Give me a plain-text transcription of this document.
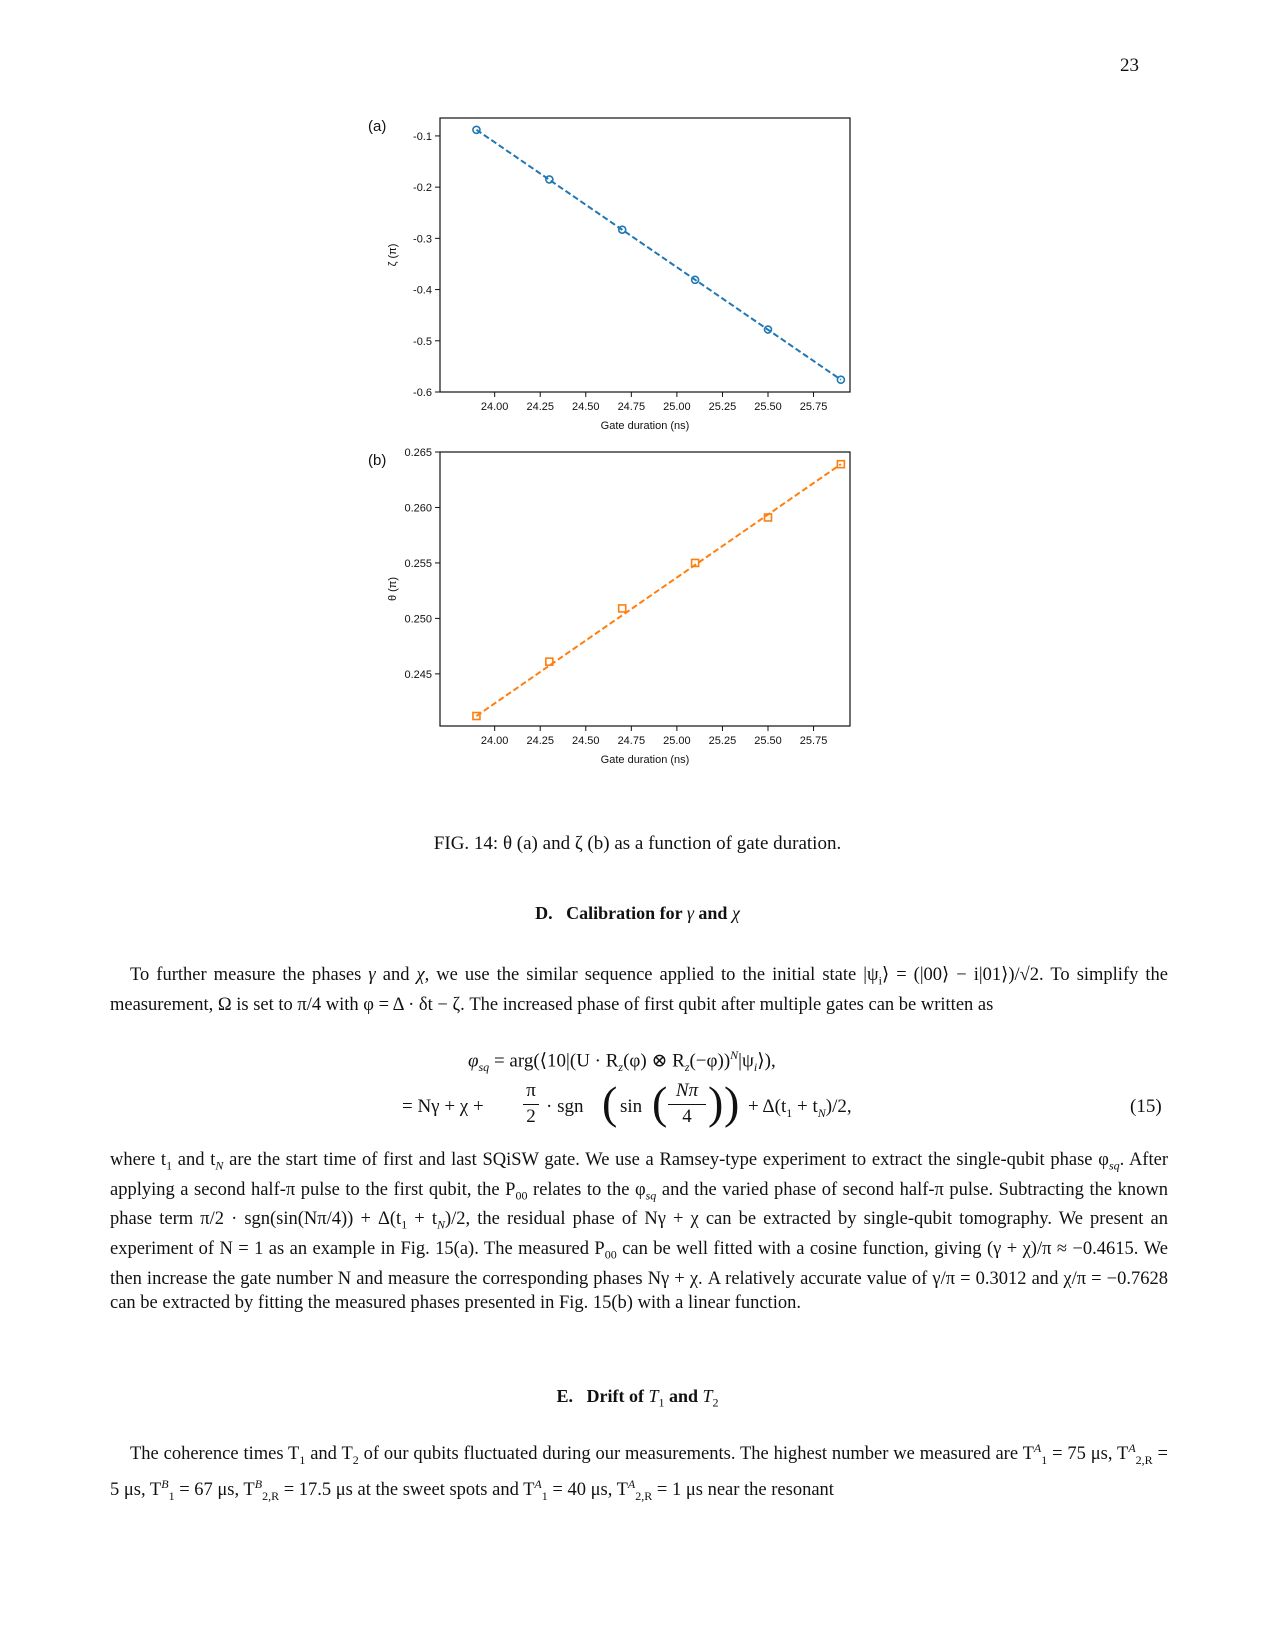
23
24.00 24.25 24.50 24.75 25.00 25.25 25.50 25.75
-0.1
-0.2
-0.3
-0.4
-0.5
-0.6
Gate duration (ns)
ζ (π)
(a)
24.00 24.25 24.50 24.75 25.00 25.25 25.50 25.75
0.245
0.250
0.255
0.260
0.265
Gate duration (ns)
θ (π)
(b)
FIG. 14: θ (a) and ζ (b) as a function of gate duration.
D. Calibration for γ and χ
To further measure the phases γ and χ, we use the similar sequence applied to the initial state $|\psi_i⟩$ = (|00⟩ − i|01⟩)/√2. To simplify the measurement, Ω is set to π/4 with φ = Δ · δt − ζ. The increased phase of first qubit after multiple gates can be written as
$\varphi_{sq}$ = arg(⟨10|(U · $R_z(\varphi)$ ⊗ $R_z(-\varphi))^N|\psi_i⟩$),
= Nγ + χ +
π
2 · sgn ( sin ( Nπ
4 ) ) + $\Delta(t_1 + t_N)/2$,	(15)
where $t_1$ and $t_N$ are the start time of first and last SQiSW gate. We use a Ramsey-type experiment to extract the single-qubit phase $\varphi_{sq}$. After applying a second half-π pulse to the first qubit, the $P_{00}$ relates to the $\varphi_{sq}$ and the varied phase of second half-π pulse. Subtracting the known phase term $\pi/2 \cdot sgn(\sin(N\pi/4)) + \Delta(t_1 + t_N)/2$, the residual phase of Nγ + χ can be extracted by single-qubit tomography. We present an experiment of N = 1 as an example in Fig. 15(a). The measured $P_{00}$ can be well fitted with a cosine function, giving (γ + χ)/π ≈ −0.4615. We then increase the gate number N and measure the corresponding phases Nγ + χ. A relatively accurate value of γ/π = 0.3012 and χ/π = −0.7628 can be extracted by fitting the measured phases presented in Fig. 15(b) with a linear function.
E. Drift of $T_1$ and $T_2$
The coherence times $T_1$ and $T_2$ of our qubits fluctuated during our measurements. The highest number we measured are $T^A_1 = 75$ μs, $T^A_{2,R} = 5$ μs, $T^B_1 = 67$ μs, $T^B_{2,R} = 17.5$ μs at the sweet spots and $T^A_1 = 40$ μs, $T^A_{2,R} = 1$ μs near the resonant
